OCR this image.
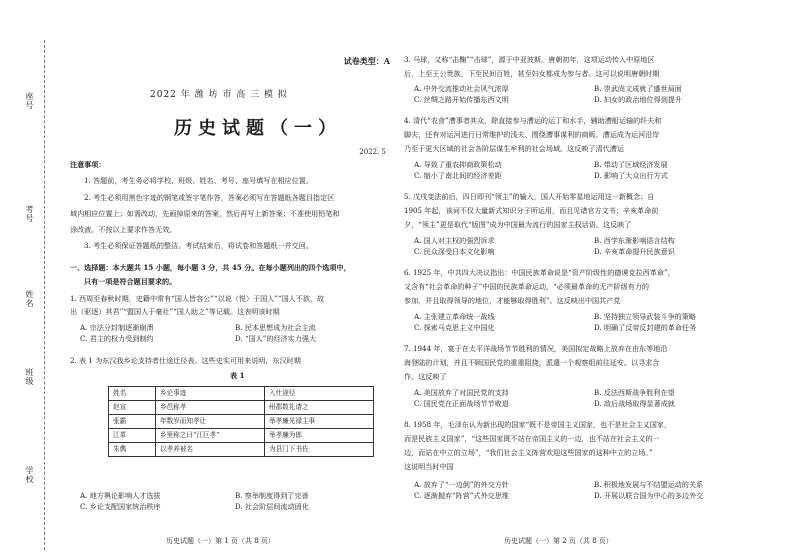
座号
考号
姓名
班级
学校
试卷类型：A
2022 年 潍 坊 市 高 三 模 拟
历史试题（一）
2022. 5
注意事项：
1. 答题前，考生务必将学校、班级、姓名、考号、座号填写在相应位置。
2. 考生必须用黑色字迹的钢笔或签字笔作答，答案必须写在答题纸各题目指定区
域内相应位置上；如需改动，先画掉原来的答案，然后再写上新答案；不准使用铅笔和
涂改液。不按以上要求作答无效。
3. 考生必须保证答题纸的整洁。考试结束后，将试卷和答题纸一并交回。
一、选择题：本大题共 15 小题，每小题 3 分，共 45 分。在每小题列出的四个选项中，
只有一项是符合题目要求的。
1. 西周至春秋时期，史籍中常有“国人皆容公”“以说（悦）于国人”“国人不欲，故
出（驱逐）其君”“盟国人于毫社”“国人助之”等记载。这表明该时期
A. 宗法分封制逐渐崩溃	B. 民本思想成为社会主流
C. 君主的权力受到制约	D. “国人”的经济实力强大
2. 表 1 为东汉我乡论支持者仕途迁径表。这些史实可用来说明，东汉时期
表 1
姓名	乡论事迹	入仕途径
赵宣	乡邑称孝	州郡数礼请之
张霸	年数岁而知孝让	举孝廉光禄主事
江革	乡里称之曰“江巨孝”	举孝廉为郎
朱儁	以孝养被名	为县门下书佐
A. 地方舆论影响人才选拔	B. 察举制度得到了完善
C. 乡论支配国家统治秩序	D. 社会阶层间流动固化
历史试题（一）第 1 页（共 8 页）
3. 马球，又称“击鞠”“击球”，源于中亚波斯。唐朝初年，这项运动传入中原地区
后，上至王公贵族，下至民间百姓，甚至妇女都成为参与者。这可以说明唐朝时期
A. 中外交流推动社会风气浓厚	B. 崇武尚文成就了盛世局面
C. 丝绸之路开始传播东西文明	D. 妇女的政治地位得到提升
4. 清代“农食”漕事者其众，除直接参与漕运的运丁和水手，辅助漕船运输的纤夫和
脚夫，还有对运河进行日常维护的浅夫、围绕漕事谋利的商贩。漕运成为运河沿岸
乃至于更大区域的社会各阶层谋生牟利的社会场域。这反映了清代漕运
A. 导致了重农抑商政策松动	B. 带动了区域经济发展
C. 缩小了南北间的经济差距	D. 影响了大众出行方式
5. 戊戌变法前后，四日即刊“领主”的输入，国人开始零星地运用这一新概念；自
1905 年起，该词不仅大量新式知识分子所运用，而且见诸官方文书；辛亥革命前
夕，“领主”更是取代“版图”成为中国最为流行的国家主权话语。这反映了
A. 国人对主权的强烈诉求	B. 西学东渐影响语言结构
C. 民众深受日本文化影响	D. 辛亥革命提升民族意识
6. 1925 年，中共四大决议指出：中国民族革命说是“资产阶级性的德谟克拉西革命”，
又含有“社会革命的种子”中国的民族革命运动，“必须最革命的无产阶级有力的
参加，并且取得领导的地位，才能够取得胜利”。这反映出中国共产党
A. 主张建立革命统一战线	B. 坚持独立领导武装斗争的策略
C. 探索马克思主义中国化	D. 明确了反帝反封建的革命任务
7. 1944 年，宴于在太平洋战场节节胜利的情况，美国拟定战略上放弃在由东等地沿
海登陆的计划，并且不顾国民党的重重阻挠，派遣一个观察组前往延安。以寻求合
作。这反映了
A. 美国放弃了对国民党的支持	B. 反法西斯战争胜利在望
C. 国民党在正面战场节节败退	D. 敌后战场取得显著成就
8. 1958 年，毛泽东认为新出现的国家“既不是帝国主义国家，也不是社会主义国家，
而是民族主义国家”，“这些国家既不站在帝国主义的一边，也不站在社会主义的一
边，而站在中立的立场”，“我们社会主义阵营欢迎这些国家的这种中立的立场。”
这说明当时中国
A. 放弃了“一边倒”的外交方针	B. 积极地发展与不结盟运动的关系
C. 逐渐抛弃“阵营”式外交思维	D. 开展以联合国为中心的多边外交
历史试题（一）第 2 页（共 8 页）
